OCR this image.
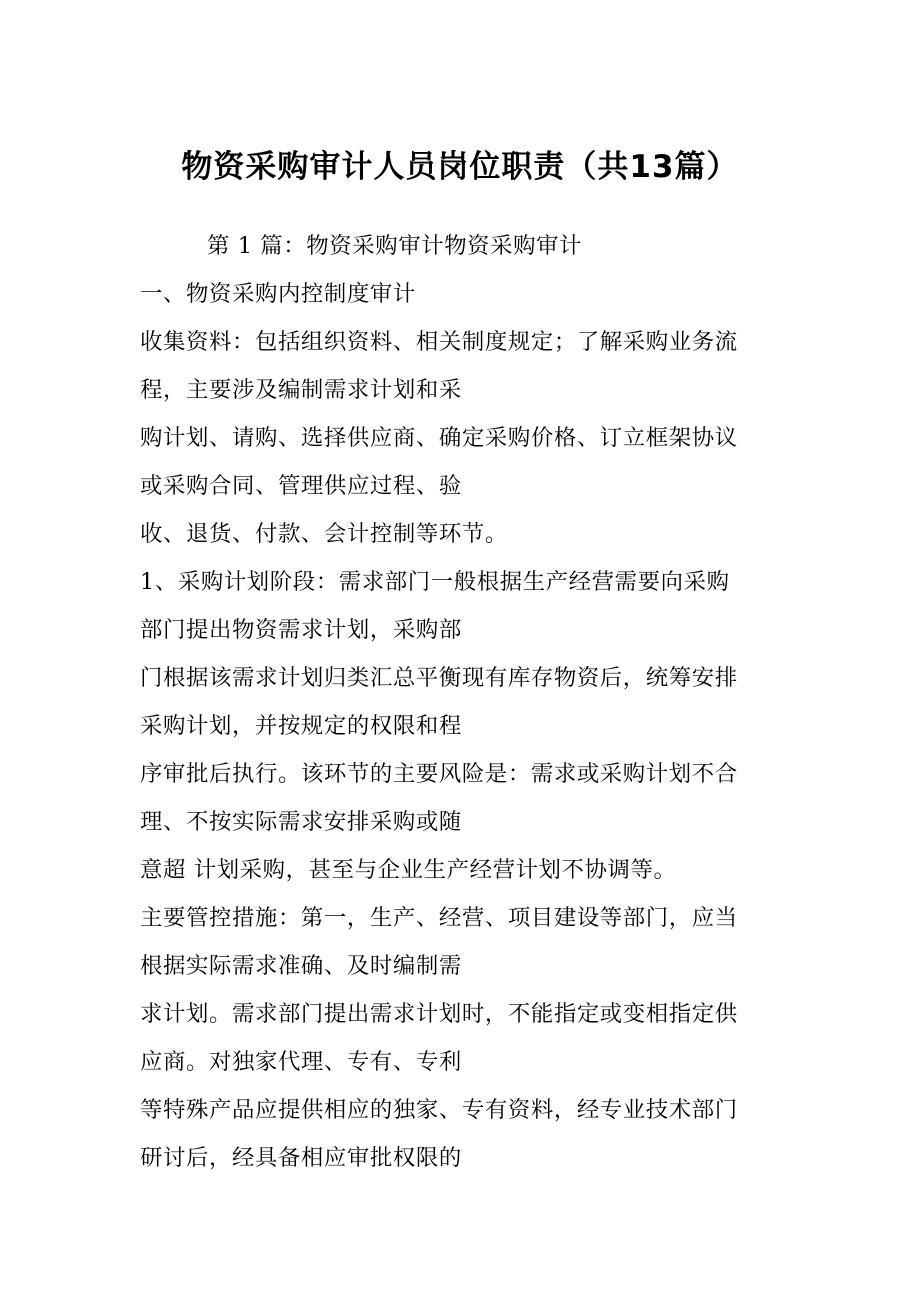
物资采购审计人员岗位职责（共13篇）
第 1 篇：物资采购审计物资采购审计
一、物资采购内控制度审计
收集资料：包括组织资料、相关制度规定；了解采购业务流
程，主要涉及编制需求计划和采
购计划、请购、选择供应商、确定采购价格、订立框架协议
或采购合同、管理供应过程、验
收、退货、付款、会计控制等环节。
1、采购计划阶段：需求部门一般根据生产经营需要向采购
部门提出物资需求计划，采购部
门根据该需求计划归类汇总平衡现有库存物资后，统筹安排
采购计划，并按规定的权限和程
序审批后执行。该环节的主要风险是：需求或采购计划不合
理、不按实际需求安排采购或随
意超 计划采购，甚至与企业生产经营计划不协调等。
主要管控措施：第一，生产、经营、项目建设等部门，应当
根据实际需求准确、及时编制需
求计划。需求部门提出需求计划时，不能指定或变相指定供
应商。对独家代理、专有、专利
等特殊产品应提供相应的独家、专有资料，经专业技术部门
研讨后，经具备相应审批权限的
